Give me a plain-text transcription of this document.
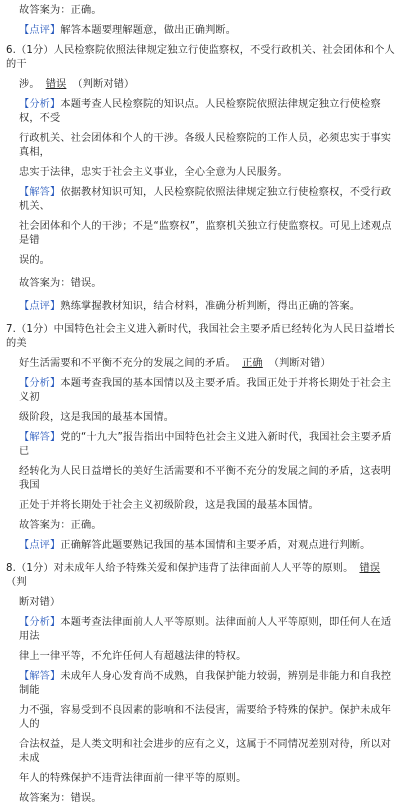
故答案为：正确。

【点评】解答本题要理解题意，做出正确判断。

6.（1分）人民检察院依照法律规定独立行使监察权，不受行政机关、社会团体和个人的干

涉。 错误 （判断对错）

【分析】本题考查人民检察院的知识点。人民检察院依照法律规定独立行使检察权，不受

行政机关、社会团体和个人的干涉。各级人民检察院的工作人员，必须忠实于事实真相，

忠实于法律，忠实于社会主义事业，全心全意为人民服务。

【解答】依据教材知识可知，人民检察院依照法律规定独立行使检察权，不受行政机关、

社会团体和个人的干涉；不是“监察权”，监察机关独立行使监察权。可见上述观点是错

误的。

故答案为：错误。

【点评】熟练掌握教材知识，结合材料，准确分析判断，得出正确的答案。

7.（1分）中国特色社会主义进入新时代，我国社会主要矛盾已经转化为人民日益增长的美

好生活需要和不平衡不充分的发展之间的矛盾。 正确 （判断对错）

【分析】本题考查我国的基本国情以及主要矛盾。我国正处于并将长期处于社会主义初

级阶段，这是我国的最基本国情。

【解答】党的“十九大”报告指出中国特色社会主义进入新时代，我国社会主要矛盾已

经转化为人民日益增长的美好生活需要和不平衡不充分的发展之间的矛盾，这表明我国

正处于并将长期处于社会主义初级阶段，这是我国的最基本国情。

故答案为：正确。

【点评】正确解答此题要熟记我国的基本国情和主要矛盾，对观点进行判断。

8.（1分）对未成年人给予特殊关爱和保护违背了法律面前人人平等的原则。 错误（判

断对错）

【分析】本题考查法律面前人人平等原则。法律面前人人平等原则，即任何人在适用法

律上一律平等，不允许任何人有超越法律的特权。

【解答】未成年人身心发育尚不成熟，自我保护能力较弱，辨别是非能力和自我控制能

力不强，容易受到不良因素的影响和不法侵害，需要给予特殊的保护。保护未成年人的

合法权益，是人类文明和社会进步的应有之义，这属于不同情况差别对待，所以对未成

年人的特殊保护不违背法律面前一律平等的原则。

故答案为：错误。
